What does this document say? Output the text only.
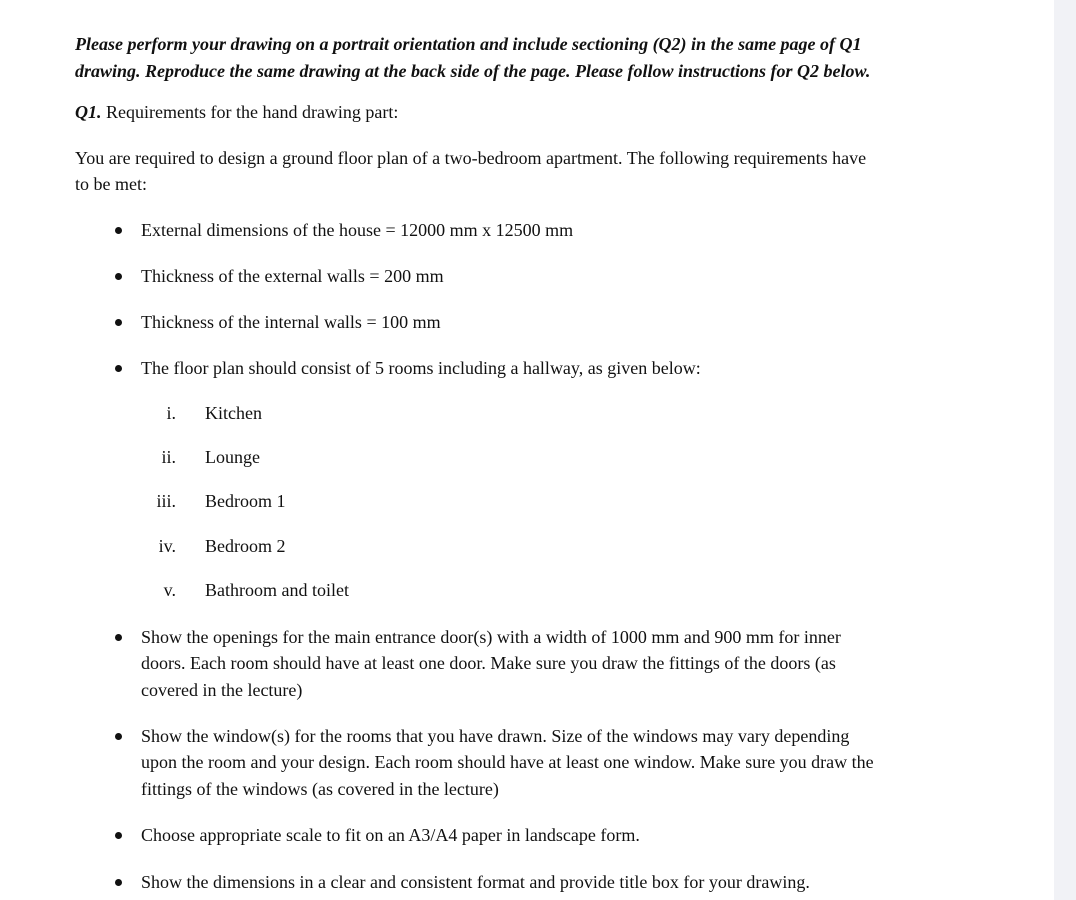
Please perform your drawing on a portrait orientation and include sectioning (Q2) in the same page of Q1
drawing. Reproduce the same drawing at the back side of the page. Please follow instructions for Q2 below.
Q1. Requirements for the hand drawing part:
You are required to design a ground floor plan of a two-bedroom apartment. The following requirements have
to be met:
External dimensions of the house = 12000 mm x 12500 mm
Thickness of the external walls = 200 mm
Thickness of the internal walls = 100 mm
The floor plan should consist of 5 rooms including a hallway, as given below:
i. Kitchen
ii. Lounge
iii. Bedroom 1
iv. Bedroom 2
v. Bathroom and toilet
Show the openings for the main entrance door(s) with a width of 1000 mm and 900 mm for inner
doors. Each room should have at least one door. Make sure you draw the fittings of the doors (as
covered in the lecture)
Show the window(s) for the rooms that you have drawn. Size of the windows may vary depending
upon the room and your design. Each room should have at least one window. Make sure you draw the
fittings of the windows (as covered in the lecture)
Choose appropriate scale to fit on an A3/A4 paper in landscape form.
Show the dimensions in a clear and consistent format and provide title box for your drawing.
